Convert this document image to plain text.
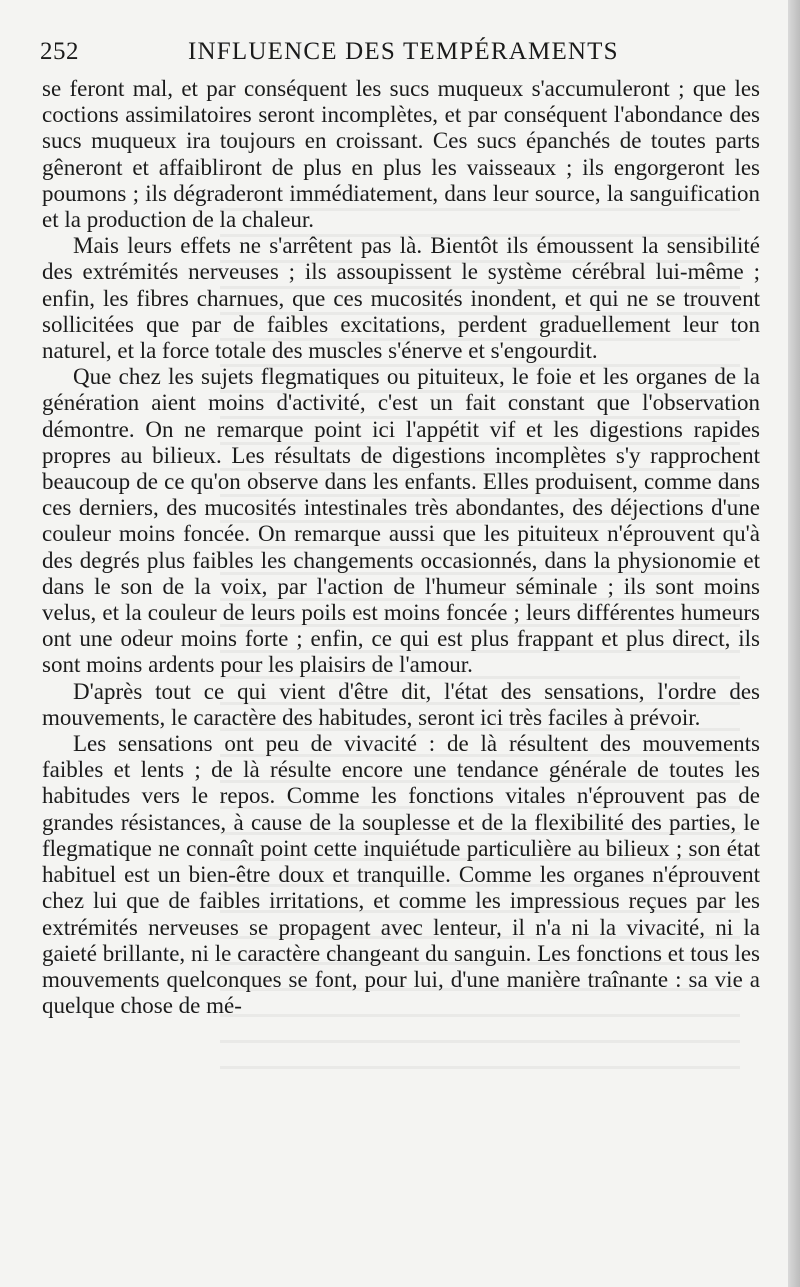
252	INFLUENCE DES TEMPÉRAMENTS

se feront mal, et par conséquent les sucs muqueux s'accumuleront ; que les coctions assimilatoires seront incomplètes, et par conséquent l'abondance des sucs muqueux ira toujours en croissant. Ces sucs épanchés de toutes parts gêneront et affaibliront de plus en plus les vaisseaux ; ils engorgeront les poumons ; ils dégraderont immédiatement, dans leur source, la sanguification et la production de la chaleur.

Mais leurs effets ne s'arrêtent pas là. Bientôt ils émoussent la sensibilité des extrémités nerveuses ; ils assoupissent le système cérébral lui-même ; enfin, les fibres charnues, que ces mucosités inondent, et qui ne se trouvent sollicitées que par de faibles excitations, perdent graduellement leur ton naturel, et la force totale des muscles s'énerve et s'engourdit.

Que chez les sujets flegmatiques ou pituiteux, le foie et les organes de la génération aient moins d'activité, c'est un fait constant que l'observation démontre. On ne remarque point ici l'appétit vif et les digestions rapides propres au bilieux. Les résultats de digestions incomplètes s'y rapprochent beaucoup de ce qu'on observe dans les enfants. Elles produisent, comme dans ces derniers, des mucosités intestinales très abondantes, des déjections d'une couleur moins foncée. On remarque aussi que les pituiteux n'éprouvent qu'à des degrés plus faibles les changements occasionnés, dans la physionomie et dans le son de la voix, par l'action de l'humeur séminale ; ils sont moins velus, et la couleur de leurs poils est moins foncée ; leurs différentes humeurs ont une odeur moins forte ; enfin, ce qui est plus frappant et plus direct, ils sont moins ardents pour les plaisirs de l'amour.

D'après tout ce qui vient d'être dit, l'état des sensations, l'ordre des mouvements, le caractère des habitudes, seront ici très faciles à prévoir.

Les sensations ont peu de vivacité : de là résultent des mouvements faibles et lents ; de là résulte encore une tendance générale de toutes les habitudes vers le repos. Comme les fonctions vitales n'éprouvent pas de grandes résistances, à cause de la souplesse et de la flexibilité des parties, le flegmatique ne connaît point cette inquiétude particulière au bilieux ; son état habituel est un bien-être doux et tranquille. Comme les organes n'éprouvent chez lui que de faibles irritations, et comme les impressious reçues par les extrémités nerveuses se propagent avec lenteur, il n'a ni la vivacité, ni la gaieté brillante, ni le caractère changeant du sanguin. Les fonctions et tous les mouvements quelconques se font, pour lui, d'une manière traînante : sa vie a quelque chose de mé-
